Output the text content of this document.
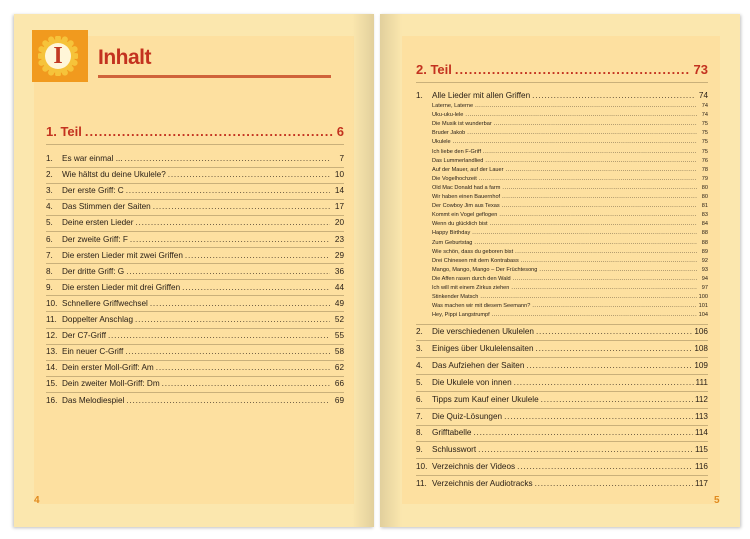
I	Inhalt
1. Teil .....	6
1.	Es war einmal ... .....	7
2.	Wie hältst du deine Ukulele? .....	10
3.	Der erste Griff: C .....	14
4.	Das Stimmen der Saiten .....	17
5.	Deine ersten Lieder .....	20
6.	Der zweite Griff: F .....	23
7.	Die ersten Lieder mit zwei Griffen .....	29
8.	Der dritte Griff: G .....	36
9.	Die ersten Lieder mit drei Griffen .....	44
10. Schnellere Griffwechsel .....	49
11. Doppelter Anschlag .....	52
12. Der C7-Griff .....	55
13. Ein neuer C-Griff .....	58
14. Dein erster Moll-Griff: Am .....	62
15. Dein zweiter Moll-Griff: Dm .....	66
16. Das Melodiespiel .....	69
4
2. Teil .....	73
1.	Alle Lieder mit allen Griffen .....	74
Laterne, Laterne .....	74
Uku-uku-lele .....	74
Die Musik ist wunderbar .....	75
Bruder Jakob .....	75
Ukulele .....	75
Ich liebe den F-Griff .....	75
Das Lummerlandlied .....	76
Auf der Mauer, auf der Lauer .....	78
Die Vogelhochzeit .....	79
Old Mac Donald had a farm .....	80
Wir haben einen Bauernhof .....	80
Der Cowboy Jim aus Texas .....	81
Kommt ein Vogel geflogen .....	83
Wenn du glücklich bist .....	84
Happy Birthday .....	88
Zum Geburtstag .....	88
Wie schön, dass du geboren bist .....	89
Drei Chinesen mit dem Kontrabass .....	92
Mango, Mango, Mango – Der Früchtesong .....	93
Die Affen rasen durch den Wald .....	94
Ich will mit einem Zirkus ziehen .....	97
Stinkender Matsch .....	100
Was machen wir mit diesem Seemann? .....	101
Hey, Pippi Langstrumpf .....	104
2.	Die verschiedenen Ukulelen .....	106
3.	Einiges über Ukulelensaiten .....	108
4.	Das Aufziehen der Saiten .....	109
5.	Die Ukulele von innen .....	111
6.	Tipps zum Kauf einer Ukulele .....	112
7.	Die Quiz-Lösungen .....	113
8.	Grifftabelle .....	114
9.	Schlusswort .....	115
10. Verzeichnis der Videos .....	116
11. Verzeichnis der Audiotracks .....	117
5
